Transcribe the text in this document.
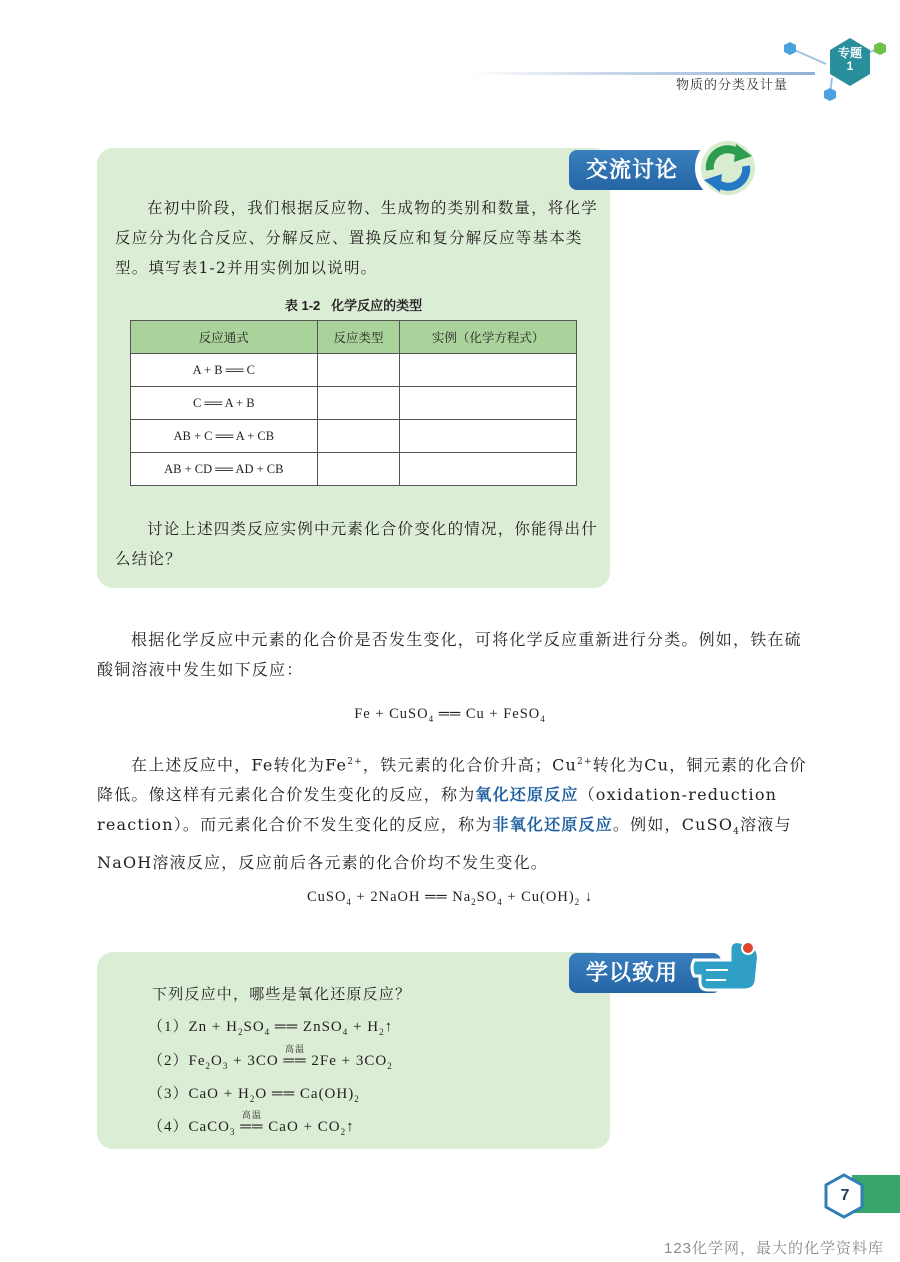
物质的分类及计量
专题
1
交流讨论
在初中阶段，我们根据反应物、生成物的类别和数量，将化学反应分为化合反应、分解反应、置换反应和复分解反应等基本类型。填写表1-2并用实例加以说明。
表 1-2 化学反应的类型
反应通式	反应类型	实例（化学方程式）
A + B ══ C		
C ══ A + B		
AB + C ══ A + CB		
AB + CD ══ AD + CB		
讨论上述四类反应实例中元素化合价变化的情况，你能得出什么结论？
根据化学反应中元素的化合价是否发生变化，可将化学反应重新进行分类。例如，铁在硫酸铜溶液中发生如下反应：
Fe + CuSO$_4$ ══ Cu + FeSO$_4$
在上述反应中，Fe转化为$Fe^{2+}$，铁元素的化合价升高；$Cu^{2+}$转化为Cu，铜元素的化合价降低。像这样有元素化合价发生变化的反应，称为氧化还原反应（oxidation-reduction reaction）。而元素化合价不发生变化的反应，称为非氧化还原反应。例如，CuSO$_4$溶液与NaOH溶液反应，反应前后各元素的化合价均不发生变化。
CuSO$_4$ + 2NaOH ══ $Na_2SO_4 + Cu(OH)_2$ ↓
学以致用
下列反应中，哪些是氧化还原反应？
$(1)Zn + H_2SO_4$ ══ ZnSO$_4$ + $H_2↑$
$(2)Fe_2O_3 + 3CO$
高温
══ $2Fe + 3CO_2$
$(3)CaO + H_2O$ ══ $Ca(OH)_2$
（4）CaCO$_3$
高温
══ CaO + $CO_2↑$
7
123化学网，最大的化学资料库
